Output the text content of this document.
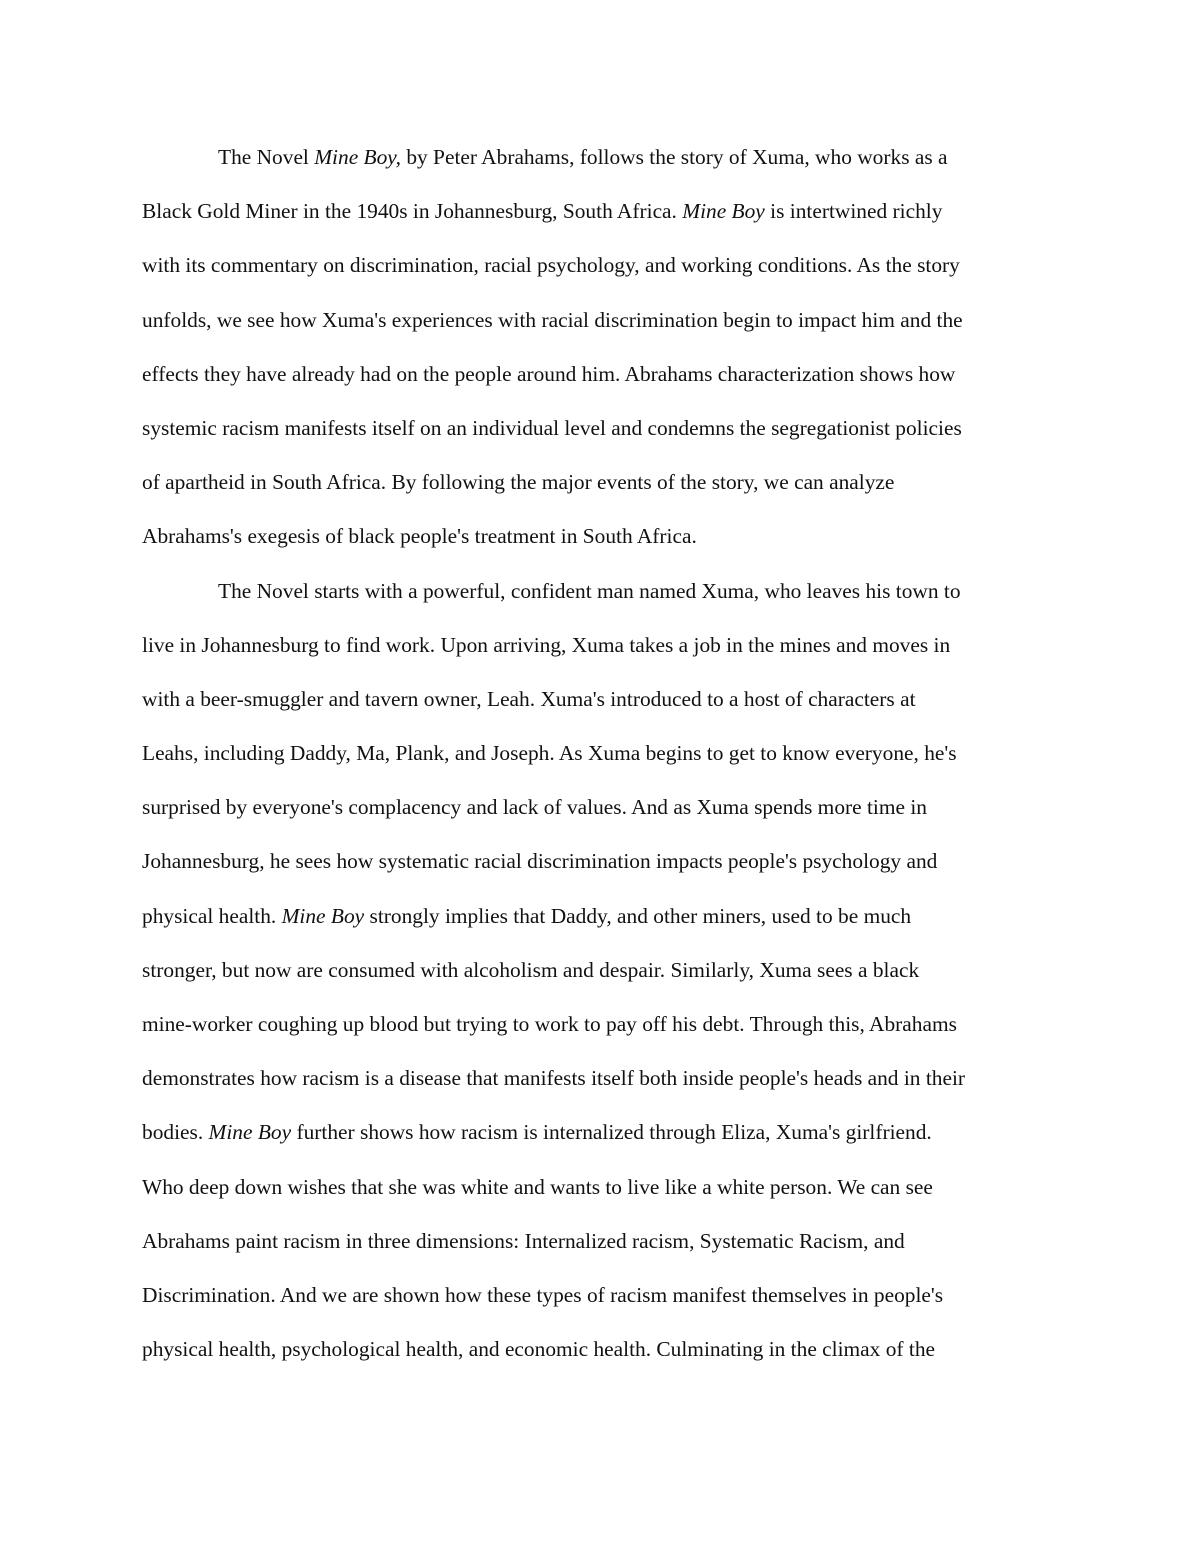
The Novel Mine Boy, by Peter Abrahams, follows the story of Xuma, who works as a
Black Gold Miner in the 1940s in Johannesburg, South Africa. Mine Boy is intertwined richly
with its commentary on discrimination, racial psychology, and working conditions. As the story
unfolds, we see how Xuma's experiences with racial discrimination begin to impact him and the
effects they have already had on the people around him. Abrahams characterization shows how
systemic racism manifests itself on an individual level and condemns the segregationist policies
of apartheid in South Africa. By following the major events of the story, we can analyze
Abrahams's exegesis of black people's treatment in South Africa.
The Novel starts with a powerful, confident man named Xuma, who leaves his town to
live in Johannesburg to find work. Upon arriving, Xuma takes a job in the mines and moves in
with a beer-smuggler and tavern owner, Leah. Xuma's introduced to a host of characters at
Leahs, including Daddy, Ma, Plank, and Joseph. As Xuma begins to get to know everyone, he's
surprised by everyone's complacency and lack of values. And as Xuma spends more time in
Johannesburg, he sees how systematic racial discrimination impacts people's psychology and
physical health. Mine Boy strongly implies that Daddy, and other miners, used to be much
stronger, but now are consumed with alcoholism and despair. Similarly, Xuma sees a black
mine-worker coughing up blood but trying to work to pay off his debt. Through this, Abrahams
demonstrates how racism is a disease that manifests itself both inside people's heads and in their
bodies. Mine Boy further shows how racism is internalized through Eliza, Xuma's girlfriend.
Who deep down wishes that she was white and wants to live like a white person. We can see
Abrahams paint racism in three dimensions: Internalized racism, Systematic Racism, and
Discrimination. And we are shown how these types of racism manifest themselves in people's
physical health, psychological health, and economic health. Culminating in the climax of the
